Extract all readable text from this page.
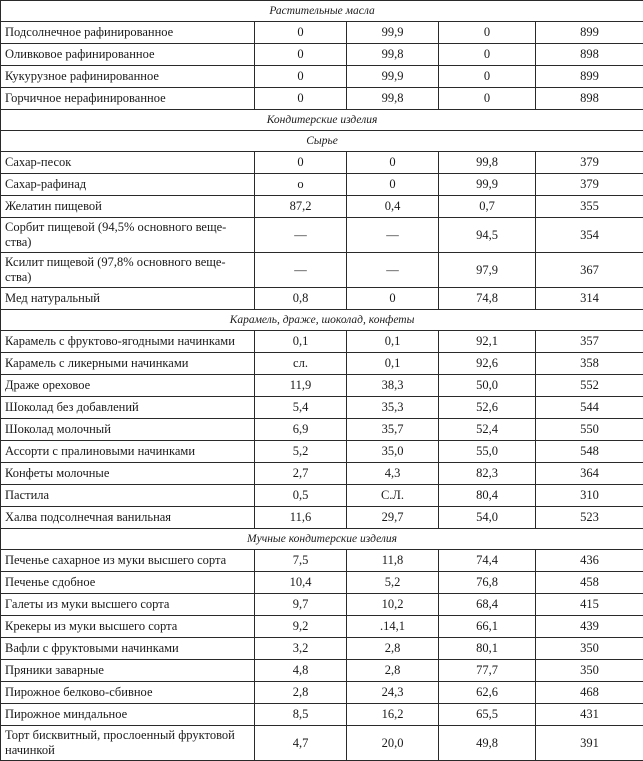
Растительные масла				
Подсолнечное рафинированное	0	99,9	0	899
Оливковое рафинированное	0	99,8	0	898
Кукурузное рафинированное	0	99,9	0	899
Горчичное нерафинированное	0	99,8	0	898
Кондитерские изделия				
Сырье				
Сахар-песок	0	0	99,8	379
Сахар-рафинад	о	0	99,9	379
Желатин пищевой	87,2	0,4	0,7	355
Сорбит пищевой (94,5% основного веще-ства)	—	—	94,5	354
Ксилит пищевой (97,8% основного веще-ства)	—	—	97,9	367
Мед натуральный	0,8	0	74,8	314
Карамель, драже, шоколад, конфеты				
Карамель с фруктово-ягодными начинками	0,1	0,1	92,1	357
Карамель с ликерными начинками	сл.	0,1	92,6	358
Драже ореховое	11,9	38,3	50,0	552
Шоколад без добавлений	5,4	35,3	52,6	544
Шоколад молочный	6,9	35,7	52,4	550
Ассорти с пралиновыми начинками	5,2	35,0	55,0	548
Конфеты молочные	2,7	4,3	82,3	364
Пастила	0,5	С.Л.	80,4	310
Халва подсолнечная ванильная	11,6	29,7	54,0	523
Мучные кондитерские изделия				
Печенье сахарное из муки высшего сорта	7,5	11,8	74,4	436
Печенье сдобное	10,4	5,2	76,8	458
Галеты из муки высшего сорта	9,7	10,2	68,4	415
Крекеры из муки высшего сорта	9,2	.14,1	66,1	439
Вафли с фруктовыми начинками	3,2	2,8	80,1	350
Пряники заварные	4,8	2,8	77,7	350
Пирожное белково-сбивное	2,8	24,3	62,6	468
Пирожное миндальное	8,5	16,2	65,5	431
Торт бисквитный, прослоенный фруктовой начинкой	4,7	20,0	49,8	391
